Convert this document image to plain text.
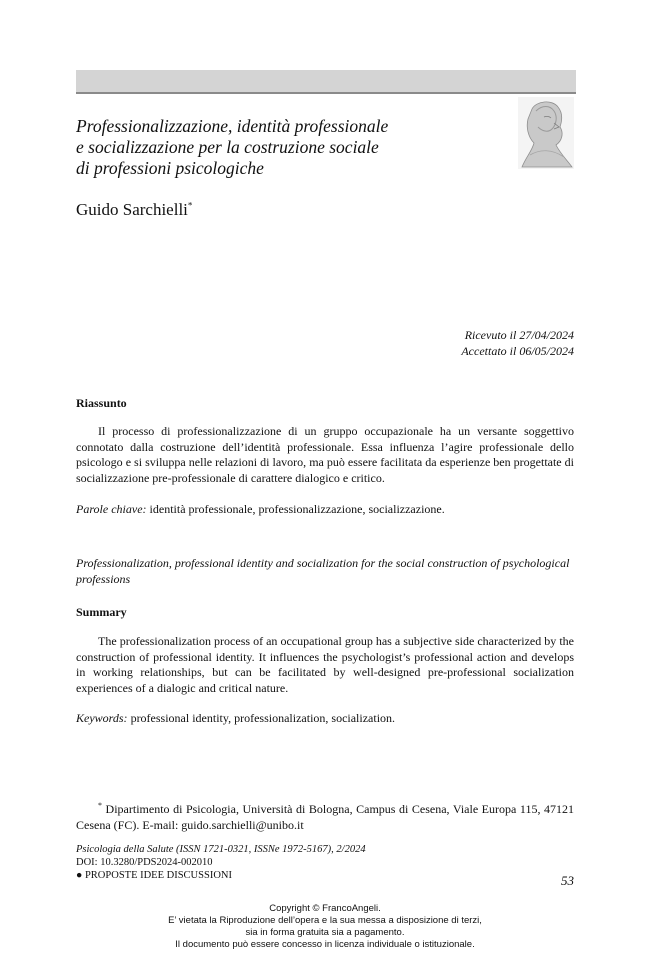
Professionalizzazione, identità professionale
e socializzazione per la costruzione sociale
di professioni psicologiche
Guido Sarchielli*
Ricevuto il 27/04/2024
Accettato il 06/05/2024
Riassunto

Il processo di professionalizzazione di un gruppo occupazionale ha un versante soggettivo connotato dalla costruzione dell’identità professionale. Essa influenza l’agire professionale dello psicologo e si sviluppa nelle relazioni di lavoro, ma può essere facilitata da esperienze ben progettate di socializzazione pre-professionale di carattere dialogico e critico.

Parole chiave: identità professionale, professionalizzazione, socializzazione.

Professionalization, professional identity and socialization for the social construction of psychological professions

Summary

The professionalization process of an occupational group has a subjective side characterized by the construction of professional identity. It influences the psychologist’s professional action and develops in working relationships, but can be facilitated by well-designed pre-professional socialization experiences of a dialogic and critical nature.

Keywords: professional identity, professionalization, socialization.

* Dipartimento di Psicologia, Università di Bologna, Campus di Cesena, Viale Europa 115, 47121 Cesena (FC). E-mail: guido.sarchielli@unibo.it

Psicologia della Salute (ISSN 1721-0321, ISSNe 1972-5167), 2/2024
DOI: 10.3280/PDS2024-002010
● PROPOSTE IDEE DISCUSSIONI	53
Copyright © FrancoAngeli.
E’ vietata la Riproduzione dell’opera e la sua messa a disposizione di terzi,
sia in forma gratuita sia a pagamento.
Il documento può essere concesso in licenza individuale o istituzionale.
